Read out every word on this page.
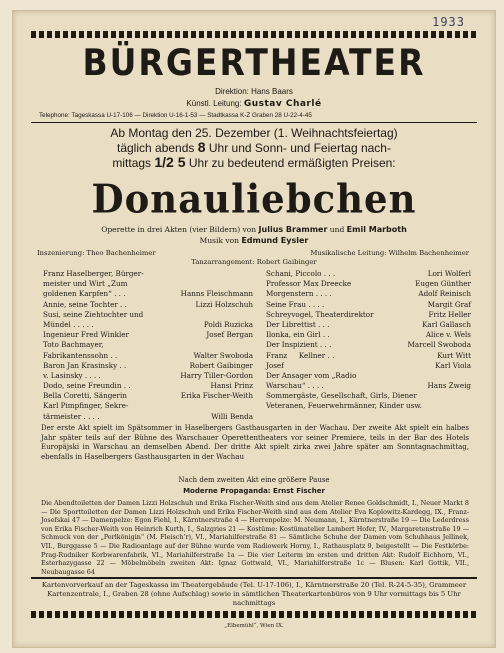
1933
BÜRGERTHEATER
Direktion: Hans Baars
Künstl. Leitung: Gustav Charlé
Telephone: Tageskassa U-17-106 — Direktion U-16-1-53 — Stadtkassa K-Z Graben 28 U-22-4-45
Ab Montag den 25. Dezember (1. Weihnachtsfeiertag)
täglich abends 8 Uhr und Sonn- und Feiertag nach-
mittags 1/2 5 Uhr zu bedeutend ermäßigten Preisen:
Donauliebchen
Operette in drei Akten (vier Bildern) von Julius Brammer und Emil Marboth
Musik von Edmund Eysler
Inszenierung: Theo Bachenheimer	Musikalische Leitung: Wilhelm Bachenheimer
Tanzarrangement: Robert Gaibinger
Franz Haselberger, Bürger-
meister und Wirt „Zum
goldenen Karpfen“ . . .	Hanns Fleischmann
Annie, seine Tochter . .	Lizzi Holzschuh
Susi, seine Ziehtochter und
Mündel . . . . .	Poldi Ruzicka
Ingenieur Fred Winkler	Josef Bergan
Toto Bachmayer,
Fabrikantenssohn . .	Walter Swoboda
Baron Jan Krasinsky . .	Robert Gaibinger
v. Lasinsky . . . .	Harry Tiller-Gordon
Dodo, seine Freundin . .	Hansi Prinz
Bella Coretti, Sängerin	Erika Fischer-Weith
Karl Pimpfinger, Sekre-
tärmeister . . . .	Willi Benda
Schani, Piccolo . . .	Lori Wolferl
Professor Max Dreecke	Eugen Günther
Morgenstern . . . .	Adolf Reinisch
Seine Frau . . . .	Margit Graf
Schreyvogel, Theaterdirektor	Fritz Heller
Der Librettist . . .	Karl Gallasch
Ilonka, ein Girl . .	Alice v. Wels
Der Inspizient . . .	Marcell Swoboda
Franz   Kellner . .	Kurt Witt
Josef	Karl Viola
Der Ansager vom „Radio
Warschau“ . . . .	Hans Zweig
Sommergäste, Gesellschaft, Girls, Diener
Veteranen, Feuerwehrmänner, Kinder usw.
Der erste Akt spielt im Spätsommer in Haselbergers Gasthausgarten in der Wachau. Der zweite Akt spielt ein halbes Jahr später teils auf der Bühne des Warschauer Operettentheaters vor seiner Premiere, teils in der Bar des Hotels Europäjski in Warschau an demselben Abend. Der dritte Akt spielt zirka zwei Jahre später am Sonntagnachmittag, ebenfalls in Haselbergers Gasthausgarten in der Wachau
Nach dem zweiten Akt eine größere Pause
Moderne Propaganda: Ernst Fischer
Die Abendtoiletten der Damen Lizzi Holzschuh und Erika Fischer-Weith sind aus dem Atelier Renee Goldschmidt, I., Neuer Markt 8 — Die Sporttoiletten der Damen Lizzi Holzschuh und Erika Fischer-Weith sind aus dem Atelier Eva Koplowitz-Kardegg, IX., Franz-Josefskai 47 — Damenpelze: Egon Fiehl, I., Kärntnerstraße 4 — Herrenpelze: M. Neumann, I., Kärntnerstraße 19 — Die Lederdress von Erika Fischer-Weith von Heinrich Kurth, I., Salzgries 21 — Kostüme: Kostümatelier Lambert Hofer, IV., Margaretenstraße 19 — Schmuck von der „Perlkönigin“ (M. Fleisch’r), VI., Mariahilferstraße 81 — Sämtliche Schuhe der Damen vom Schuhhaus Jellinek, VII., Burggasse 5 — Die Radioanlage auf der Bühne wurde vom Radiowerk Horny, I., Rathausplatz 9, beigestellt — Die Festkörbe: Prag-Rudniker Korbwarenfabrik, VI., Mariahilferstraße 1a — Die vier Leiterm im ersten und dritten Akt: Rudolf Eichhorn, VI., Esterhazygasse 22 — Möbelmöbeln zweiten Akt: Ignaz Gottwald, VI., Mariahilferstraße 1c — Blusen: Karl Gottik, VII., Neubaugasse 64
Kartenvorverkauf an der Tageskassa im Theatergebäude (Tel. U-17-106), I., Kärntnerstraße 20 (Tel. R-24-5-35), Grammeer Kartenzentrale, I., Graben 28 (ohne Aufschlag) sowie in sämtlichen Theaterkartenbüros von 9 Uhr vormittags bis 5 Uhr nachmittags
„Elbemühl“, Wien IX.
